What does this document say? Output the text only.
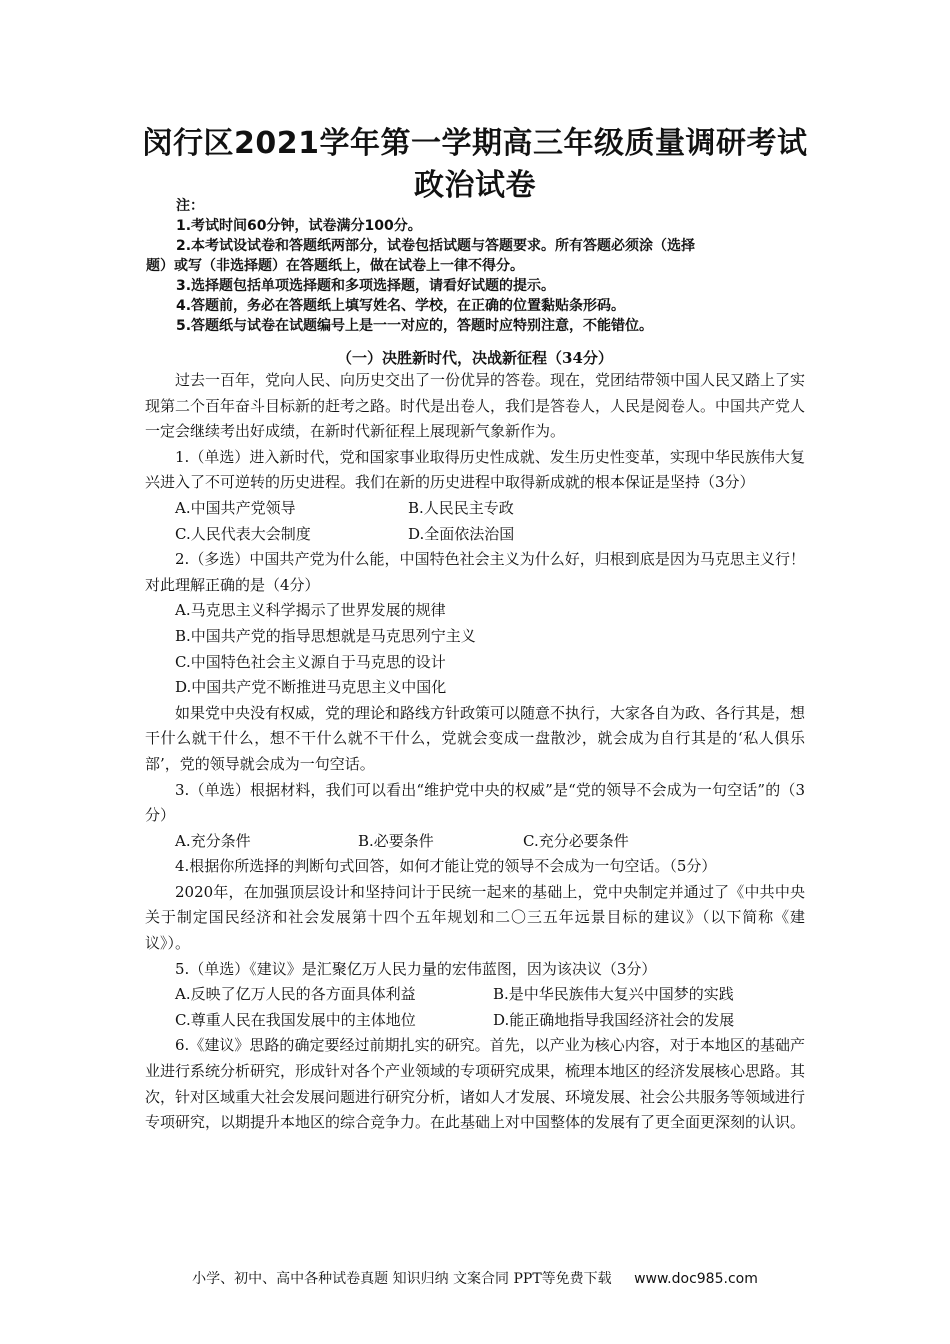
闵行区2021学年第一学期高三年级质量调研考试
政治试卷
注：
1.考试时间60分钟，试卷满分100分。
2.本考试设试卷和答题纸两部分，试卷包括试题与答题要求。所有答题必须涂（选择
题）或写（非选择题）在答题纸上，做在试卷上一律不得分。
3.选择题包括单项选择题和多项选择题，请看好试题的提示。
4.答题前，务必在答题纸上填写姓名、学校，在正确的位置黏贴条形码。
5.答题纸与试卷在试题编号上是一一对应的，答题时应特别注意，不能错位。
（一）决胜新时代，决战新征程（34分）
过去一百年，党向人民、向历史交出了一份优异的答卷。现在，党团结带领中国人民又踏上了实现第二个百年奋斗目标新的赶考之路。时代是出卷人，我们是答卷人，人民是阅卷人。中国共产党人一定会继续考出好成绩，在新时代新征程上展现新气象新作为。
1.（单选）进入新时代，党和国家事业取得历史性成就、发生历史性变革，实现中华民族伟大复兴进入了不可逆转的历史进程。我们在新的历史进程中取得新成就的根本保证是坚持（3分）
A.中国共产党领导	B.人民民主专政
C.人民代表大会制度	D.全面依法治国
2.（多选）中国共产党为什么能，中国特色社会主义为什么好，归根到底是因为马克思主义行！对此理解正确的是（4分）
A.马克思主义科学揭示了世界发展的规律
B.中国共产党的指导思想就是马克思列宁主义
C.中国特色社会主义源自于马克思的设计
D.中国共产党不断推进马克思主义中国化
如果党中央没有权威，党的理论和路线方针政策可以随意不执行，大家各自为政、各行其是，想干什么就干什么，想不干什么就不干什么，党就会变成一盘散沙，就会成为自行其是的‘私人俱乐部’，党的领导就会成为一句空话。
3.（单选）根据材料，我们可以看出“维护党中央的权威”是“党的领导不会成为一句空话”的（3分）
A.充分条件	B.必要条件	C.充分必要条件
4.根据你所选择的判断句式回答，如何才能让党的领导不会成为一句空话。（5分）
2020年，在加强顶层设计和坚持问计于民统一起来的基础上，党中央制定并通过了《中共中央关于制定国民经济和社会发展第十四个五年规划和二〇三五年远景目标的建议》（以下简称《建议》）。
5.（单选）《建议》是汇聚亿万人民力量的宏伟蓝图，因为该决议（3分）
A.反映了亿万人民的各方面具体利益	B.是中华民族伟大复兴中国梦的实践
C.尊重人民在我国发展中的主体地位	D.能正确地指导我国经济社会的发展
6.《建议》思路的确定要经过前期扎实的研究。首先，以产业为核心内容，对于本地区的基础产业进行系统分析研究，形成针对各个产业领域的专项研究成果，梳理本地区的经济发展核心思路。其次，针对区域重大社会发展问题进行研究分析，诸如人才发展、环境发展、社会公共服务等领域进行专项研究，以期提升本地区的综合竞争力。在此基础上对中国整体的发展有了更全面更深刻的认识。
小学、初中、高中各种试卷真题 知识归纳 文案合同 PPT等免费下载 www.doc985.com
